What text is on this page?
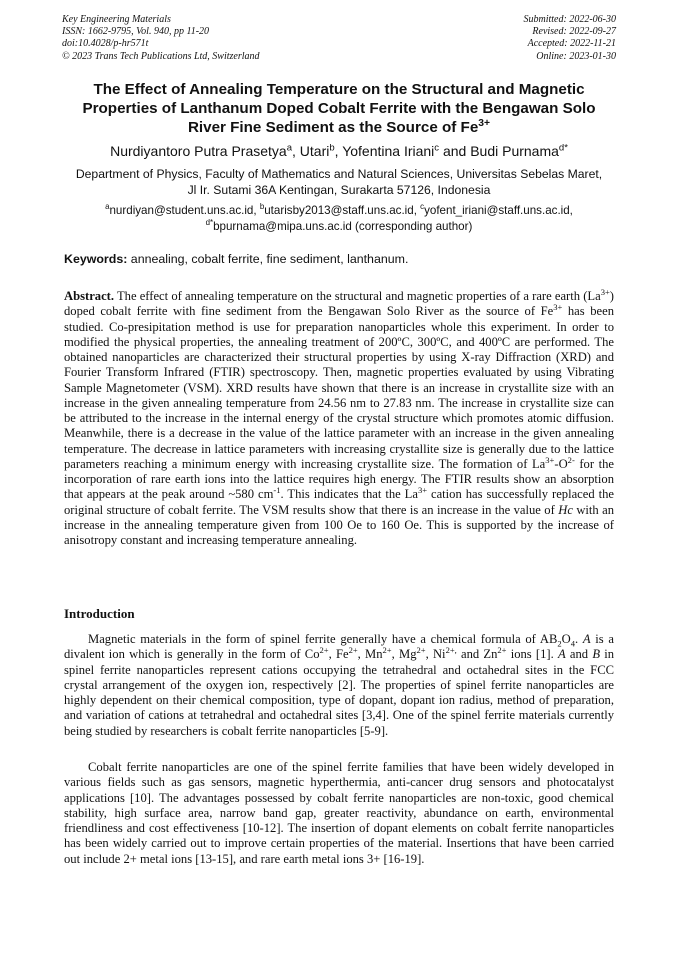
Key Engineering Materials
ISSN: 1662-9795, Vol. 940, pp 11-20
doi:10.4028/p-hr571t
© 2023 Trans Tech Publications Ltd, Switzerland
Submitted: 2022-06-30
Revised: 2022-09-27
Accepted: 2022-11-21
Online: 2023-01-30
The Effect of Annealing Temperature on the Structural and Magnetic
Properties of Lanthanum Doped Cobalt Ferrite with the Bengawan Solo
River Fine Sediment as the Source of $Fe^{3+}$
Nurdiyantoro Putra Prasetya$^a$, Utari$^b$, Yofentina Iriani$^c$ and Budi Purnama$^{d*}$
Department of Physics, Faculty of Mathematics and Natural Sciences, Universitas Sebelas Maret,
Jl Ir. Sutami 36A Kentingan, Surakarta 57126, Indonesia
$^a$nurdiyan@student.uns.ac.id, $^b$utarisby2013@staff.uns.ac.id, $^c$yofent_iriani@staff.uns.ac.id,
$^{d*}$bpurnama@mipa.uns.ac.id (corresponding author)
Keywords: annealing, cobalt ferrite, fine sediment, lanthanum.
Abstract. The effect of annealing temperature on the structural and magnetic properties of a rare earth $(La^{3+})$ doped cobalt ferrite with fine sediment from the Bengawan Solo River as the source of $Fe^{3+}$ has been studied. Co-presipitation method is use for preparation nanoparticles whole this experiment. In order to modified the physical properties, the annealing treatment of 200ºC, 300ºC, and 400ºC are performed. The obtained nanoparticles are characterized their structural properties by using X-ray Diffraction (XRD) and Fourier Transform Infrared (FTIR) spectroscopy. Then, magnetic properties evaluated by using Vibrating Sample Magnetometer (VSM). XRD results have shown that there is an increase in crystallite size with an increase in the given annealing temperature from 24.56 nm to 27.83 nm. The increase in crystallite size can be attributed to the increase in the internal energy of the crystal structure which promotes atomic diffusion. Meanwhile, there is a decrease in the value of the lattice parameter with an increase in the given annealing temperature. The decrease in lattice parameters with increasing crystallite size is generally due to the lattice parameters reaching a minimum energy with increasing crystallite size. The formation of $La^{3+}-O^{2-}$ for the incorporation of rare earth ions into the lattice requires high energy. The FTIR results show an absorption that appears at the peak around ~580 $cm^{-1}$. This indicates that the $La^{3+}$ cation has successfully replaced the original structure of cobalt ferrite. The VSM results show that there is an increase in the value of Hc with an increase in the annealing temperature given from 100 Oe to 160 Oe. This is supported by the increase of anisotropy constant and increasing temperature annealing.
Introduction
Magnetic materials in the form of spinel ferrite generally have a chemical formula of $AB_2O_4$. A is a divalent ion which is generally in the form of $Co^{2+}$, $Fe^{2+}$, $Mn^{2+}$, $Mg^{2+}$, $Ni^{2+,}$ and $Zn^{2+}$ ions [1]. A and B in spinel ferrite nanoparticles represent cations occupying the tetrahedral and octahedral sites in the FCC crystal arrangement of the oxygen ion, respectively [2]. The properties of spinel ferrite nanoparticles are highly dependent on their chemical composition, type of dopant, dopant ion radius, method of preparation, and variation of cations at tetrahedral and octahedral sites [3,4]. One of the spinel ferrite materials currently being studied by researchers is cobalt ferrite nanoparticles [5-9].
Cobalt ferrite nanoparticles are one of the spinel ferrite families that have been widely developed in various fields such as gas sensors, magnetic hyperthermia, anti-cancer drug sensors and photocatalyst applications [10]. The advantages possessed by cobalt ferrite nanoparticles are non-toxic, good chemical stability, high surface area, narrow band gap, greater reactivity, abundance on earth, environmental friendliness and cost effectiveness [10-12]. The insertion of dopant elements on cobalt ferrite nanoparticles has been widely carried out to improve certain properties of the material. Insertions that have been carried out include 2+ metal ions [13-15], and rare earth metal ions 3+ [16-19].
